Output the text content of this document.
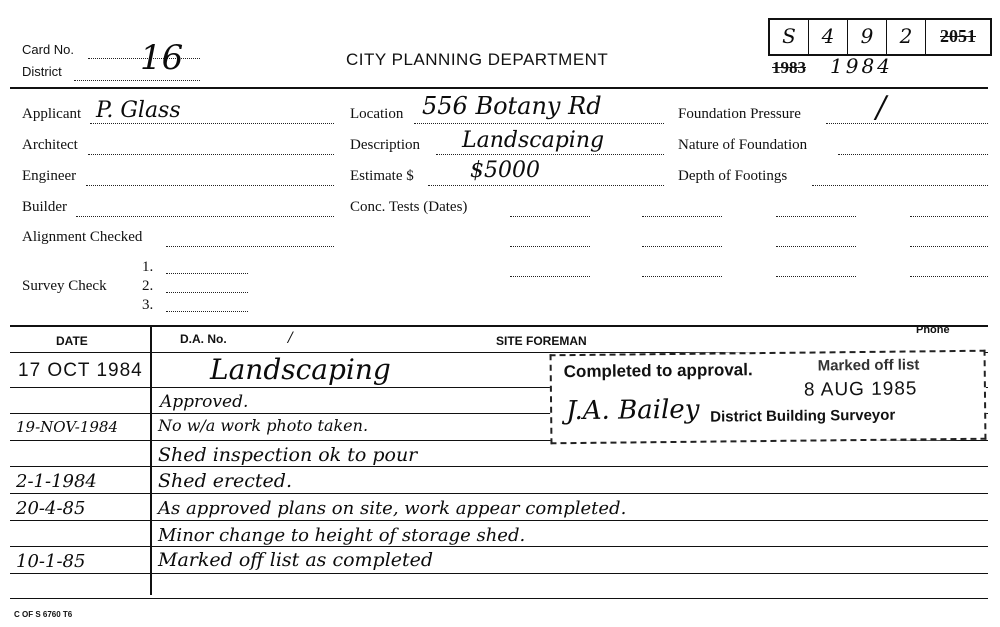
S	4	9	2	2051
1983 1984
Card No. 16
District
CITY PLANNING DEPARTMENT
Applicant P. Glass
Architect
Engineer
Builder
Alignment Checked
Survey Check
1.
2.
3.
Location 556 Botany Rd
Description Landscaping
Estimate $	$5000
Conc. Tests (Dates)
Foundation Pressure	/
Nature of Foundation
Depth of Footings
DATE	D.A. No.	/	SITE FOREMAN
Phone
17 OCT 1984 Landscaping
Approved.
19-NOV-1984 No w/a work photo taken.
Shed inspection ok to pour
2-1-1984	Shed erected.
20-4-85	As approved plans on site, work appear completed.
Minor change to height of storage shed.
10-1-85	Marked off list as completed
Completed to approval.	Marked off list
8 AUG 1985
J.A. Bailey District Building Surveyor
C OF S 6760 T6
